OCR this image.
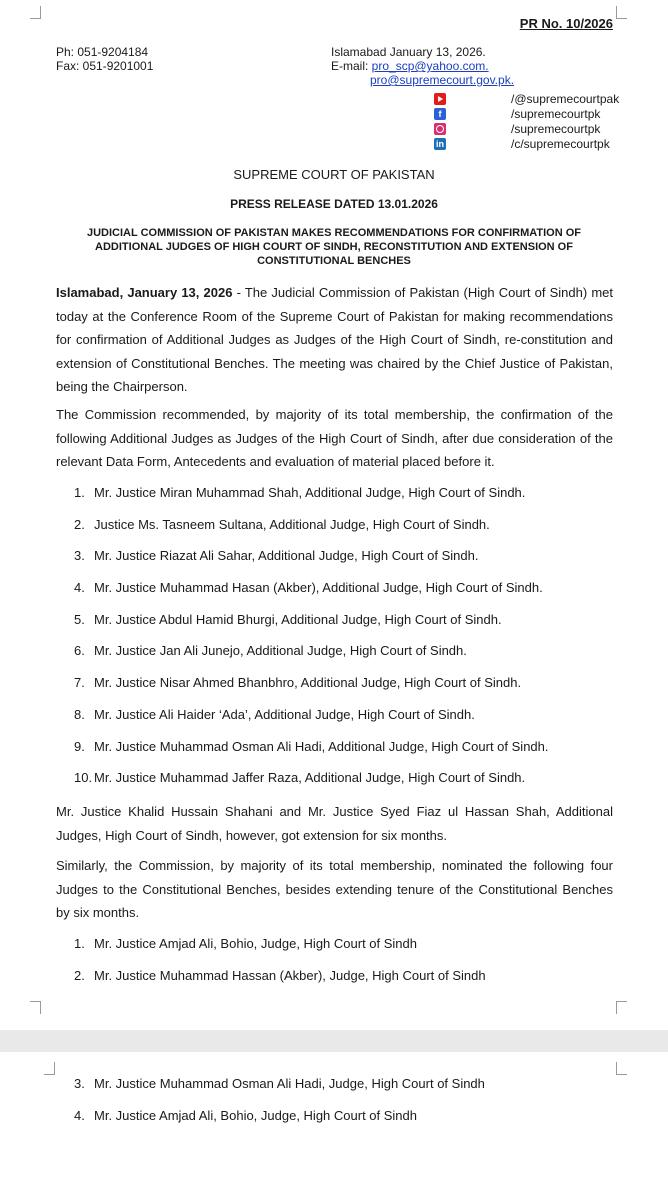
PR No. 10/2026

Ph: 051-9204184
Fax: 051-9201001
Islamabad January 13, 2026.
E-mail: pro_scp@yahoo.com.
pro@supremecourt.gov.pk.
/@supremecourtpak
f	/supremecourtpk
/supremecourtpk
in	/c/supremecourtpk

SUPREME COURT OF PAKISTAN

PRESS RELEASE DATED 13.01.2026

JUDICIAL COMMISSION OF PAKISTAN MAKES RECOMMENDATIONS FOR CONFIRMATION OF ADDITIONAL JUDGES OF HIGH COURT OF SINDH, RECONSTITUTION AND EXTENSION OF CONSTITUTIONAL BENCHES

Islamabad, January 13, 2026 - The Judicial Commission of Pakistan (High Court of Sindh) met today at the Conference Room of the Supreme Court of Pakistan for making recommendations for confirmation of Additional Judges as Judges of the High Court of Sindh, re-constitution and extension of Constitutional Benches. The meeting was chaired by the Chief Justice of Pakistan, being the Chairperson.

The Commission recommended, by majority of its total membership, the confirmation of the following Additional Judges as Judges of the High Court of Sindh, after due consideration of the relevant Data Form, Antecedents and evaluation of material placed before it.

1. Mr. Justice Miran Muhammad Shah, Additional Judge, High Court of Sindh.
2. Justice Ms. Tasneem Sultana, Additional Judge, High Court of Sindh.
3. Mr. Justice Riazat Ali Sahar, Additional Judge, High Court of Sindh.
4. Mr. Justice Muhammad Hasan (Akber), Additional Judge, High Court of Sindh.
5. Mr. Justice Abdul Hamid Bhurgi, Additional Judge, High Court of Sindh.
6. Mr. Justice Jan Ali Junejo, Additional Judge, High Court of Sindh.
7. Mr. Justice Nisar Ahmed Bhanbhro, Additional Judge, High Court of Sindh.
8. Mr. Justice Ali Haider ‘Ada’, Additional Judge, High Court of Sindh.
9. Mr. Justice Muhammad Osman Ali Hadi, Additional Judge, High Court of Sindh.
10. Mr. Justice Muhammad Jaffer Raza, Additional Judge, High Court of Sindh.

Mr. Justice Khalid Hussain Shahani and Mr. Justice Syed Fiaz ul Hassan Shah, Additional Judges, High Court of Sindh, however, got extension for six months.

Similarly, the Commission, by majority of its total membership, nominated the following four Judges to the Constitutional Benches, besides extending tenure of the Constitutional Benches by six months.

1. Mr. Justice Amjad Ali, Bohio, Judge, High Court of Sindh
2. Mr. Justice Muhammad Hassan (Akber), Judge, High Court of Sindh
3. Mr. Justice Muhammad Osman Ali Hadi, Judge, High Court of Sindh
4. Mr. Justice Amjad Ali, Bohio, Judge, High Court of Sindh
